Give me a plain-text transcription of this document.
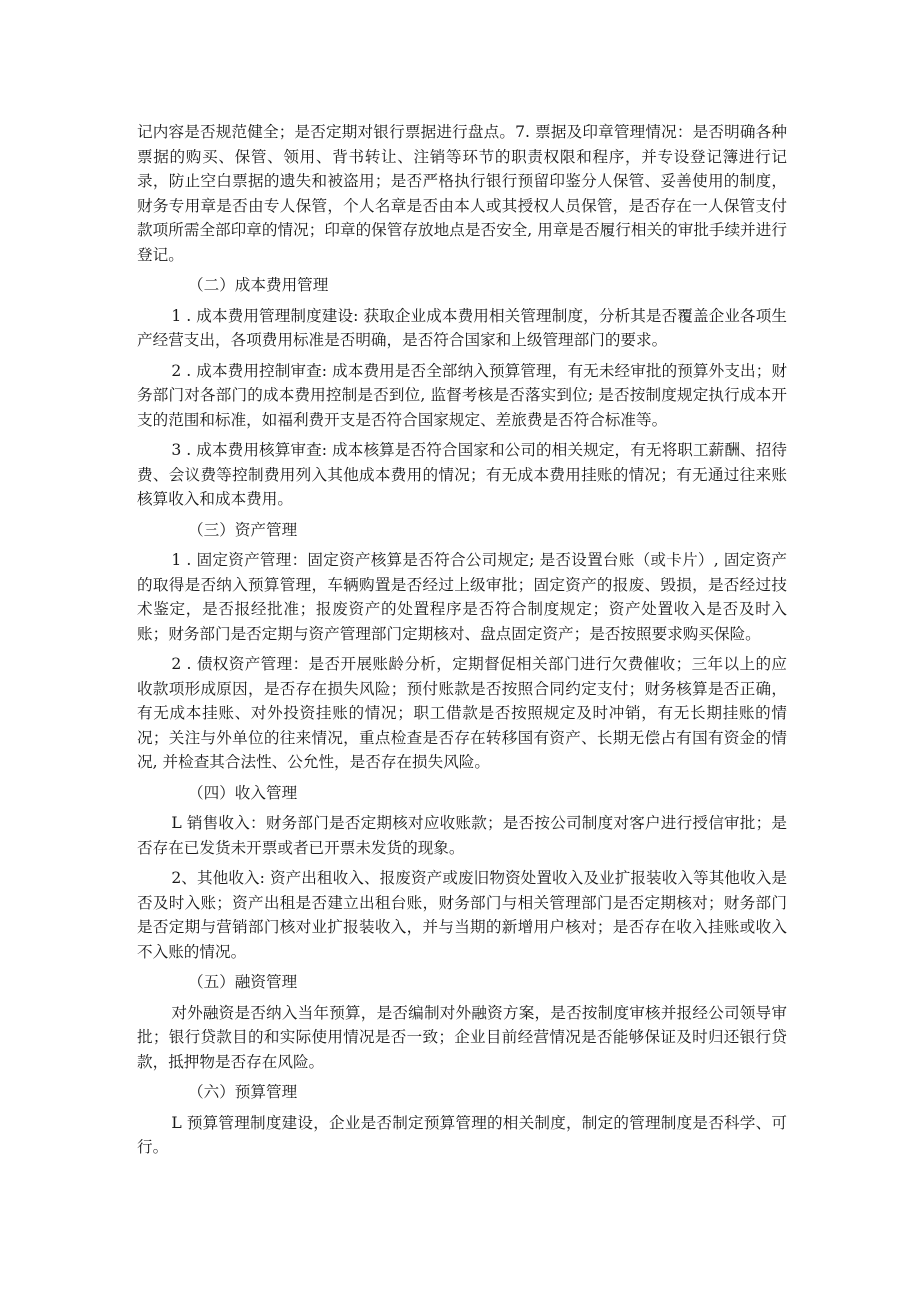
记内容是否规范健全；是否定期对银行票据进行盘点。7. 票据及印章管理情况：是否明确各种票据的购买、保管、领用、背书转让、注销等环节的职责权限和程序，并专设登记簿进行记录，防止空白票据的遗失和被盗用；是否严格执行银行预留印鉴分人保管、妥善使用的制度，财务专用章是否由专人保管，个人名章是否由本人或其授权人员保管，是否存在一人保管支付款项所需全部印章的情况；印章的保管存放地点是否安全, 用章是否履行相关的审批手续并进行登记。

（二）成本费用管理

1 . 成本费用管理制度建设: 获取企业成本费用相关管理制度，分析其是否覆盖企业各项生产经营支出，各项费用标准是否明确，是否符合国家和上级管理部门的要求。

2 . 成本费用控制审查: 成本费用是否全部纳入预算管理，有无未经审批的预算外支出；财务部门对各部门的成本费用控制是否到位, 监督考核是否落实到位; 是否按制度规定执行成本开支的范围和标准，如福利费开支是否符合国家规定、差旅费是否符合标准等。

3 . 成本费用核算审查: 成本核算是否符合国家和公司的相关规定，有无将职工薪酬、招待费、会议费等控制费用列入其他成本费用的情况；有无成本费用挂账的情况；有无通过往来账核算收入和成本费用。

（三）资产管理

1 . 固定资产管理：固定资产核算是否符合公司规定; 是否设置台账（或卡片）, 固定资产的取得是否纳入预算管理，车辆购置是否经过上级审批；固定资产的报废、毁损，是否经过技术鉴定，是否报经批准；报废资产的处置程序是否符合制度规定；资产处置收入是否及时入账；财务部门是否定期与资产管理部门定期核对、盘点固定资产；是否按照要求购买保险。

2 . 债权资产管理：是否开展账龄分析，定期督促相关部门进行欠费催收；三年以上的应收款项形成原因，是否存在损失风险；预付账款是否按照合同约定支付；财务核算是否正确，有无成本挂账、对外投资挂账的情况；职工借款是否按照规定及时冲销，有无长期挂账的情况；关注与外单位的往来情况，重点检查是否存在转移国有资产、长期无偿占有国有资金的情况, 并检查其合法性、公允性，是否存在损失风险。

（四）收入管理

L 销售收入：财务部门是否定期核对应收账款；是否按公司制度对客户进行授信审批；是否存在已发货未开票或者已开票未发货的现象。

2、其他收入: 资产出租收入、报废资产或废旧物资处置收入及业扩报装收入等其他收入是否及时入账；资产出租是否建立出租台账，财务部门与相关管理部门是否定期核对；财务部门是否定期与营销部门核对业扩报装收入，并与当期的新增用户核对；是否存在收入挂账或收入不入账的情况。

（五）融资管理

对外融资是否纳入当年预算，是否编制对外融资方案，是否按制度审核并报经公司领导审批；银行贷款目的和实际使用情况是否一致；企业目前经营情况是否能够保证及时归还银行贷款，抵押物是否存在风险。

（六）预算管理

L 预算管理制度建设，企业是否制定预算管理的相关制度，制定的管理制度是否科学、可行。
